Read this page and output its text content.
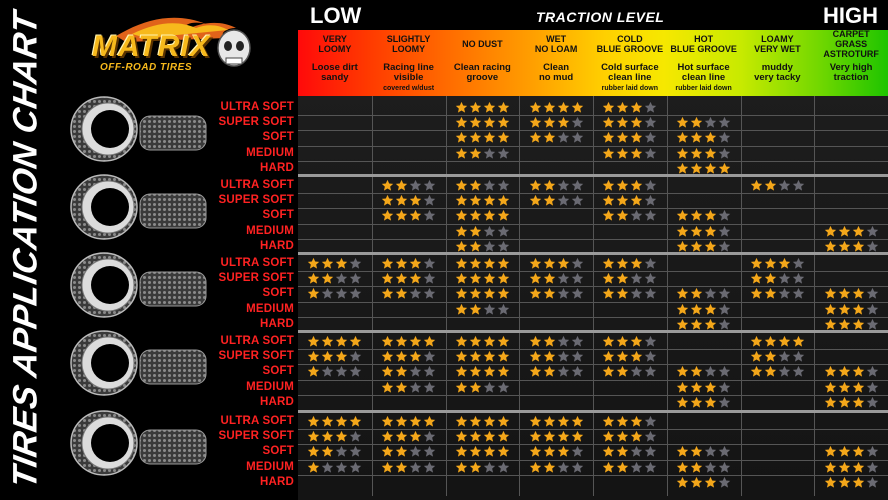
TIRES APPLICATION CHART MATRIX
OFF-ROAD TIRES
ULTRA SOFT
SUPER SOFT
SOFT
MEDIUM
HARD
ULTRA SOFT
SUPER SOFT
SOFT
MEDIUM
HARD
ULTRA SOFT
SUPER SOFT
SOFT
MEDIUM
HARD
ULTRA SOFT
SUPER SOFT
SOFT
MEDIUM
HARD
ULTRA SOFT
SUPER SOFT
SOFT
MEDIUM
HARD
LOW	TRACTION LEVEL	HIGH
VERY
LOOMY
Loose dirt
sandy
SLIGHTLY
LOOMY
Racing line
visible
covered w/dust
NO DUST
Clean racing
groove
WET
NO LOAM
Clean
no mud
COLD
BLUE GROOVE
Cold surface
clean line
rubber laid down
HOT
BLUE GROOVE
Hot surface
clean line
rubber laid down
LOAMY
VERY WET
muddy
very tacky
CARPET
GRASS
ASTROTURF
Very high
traction
